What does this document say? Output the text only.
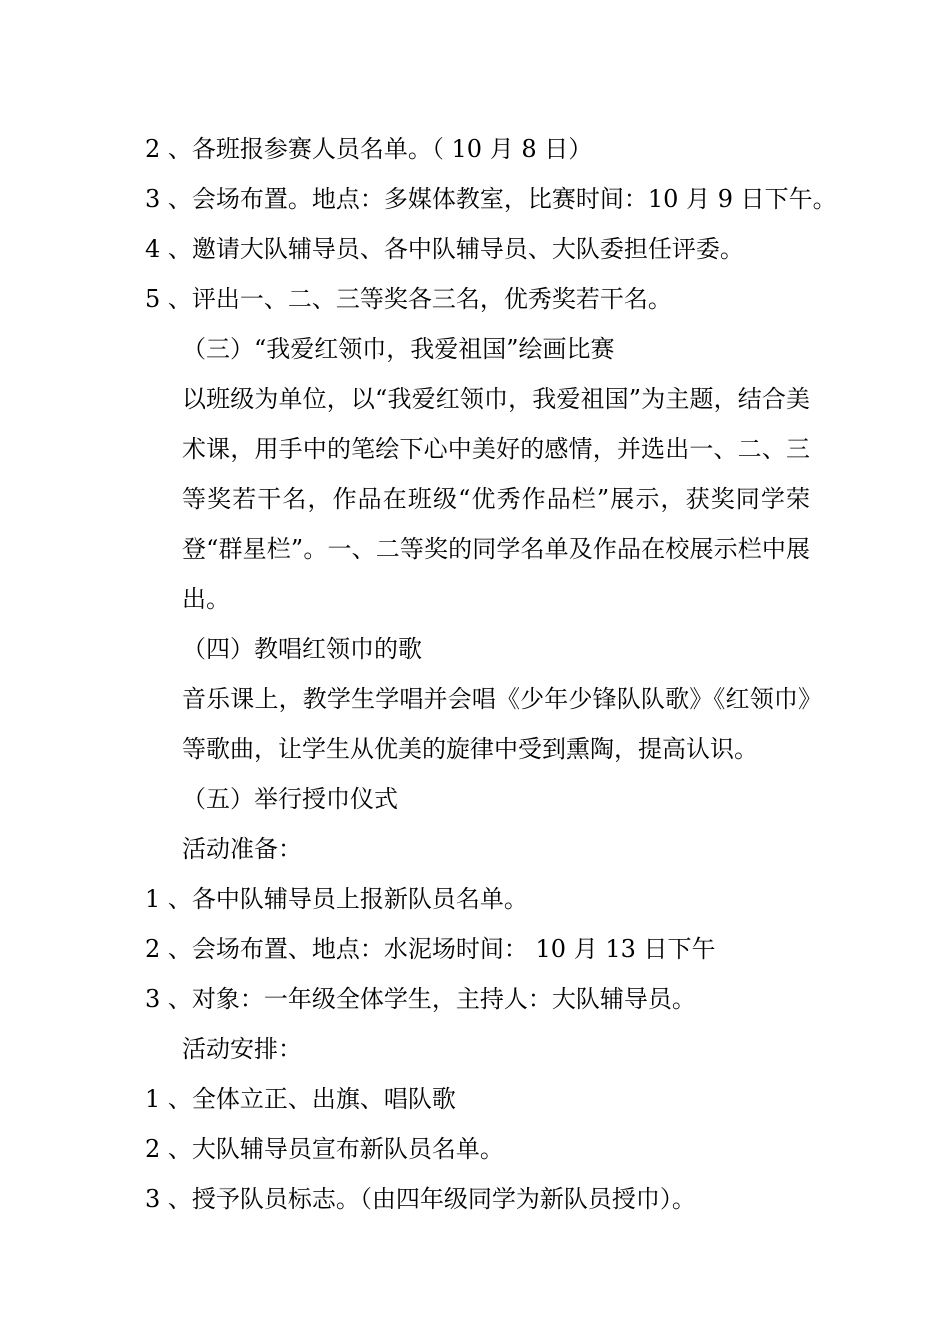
2 、各班报参赛人员名单。（ 10 月 8 日）

3 、会场布置。地点：多媒体教室，比赛时间：10 月 9 日下午。

4 、邀请大队辅导员、各中队辅导员、大队委担任评委。

5 、评出一、二、三等奖各三名，优秀奖若干名。

（三）“我爱红领巾，我爱祖国”绘画比赛

以班级为单位，以“我爱红领巾，我爱祖国”为主题，结合美术课，用手中的笔绘下心中美好的感情，并选出一、二、三等奖若干名，作品在班级“优秀作品栏”展示，获奖同学荣登“群星栏”。一、二等奖的同学名单及作品在校展示栏中展出。

（四）教唱红领巾的歌

音乐课上，教学生学唱并会唱《少年少锋队队歌》《红领巾》等歌曲，让学生从优美的旋律中受到熏陶，提高认识。

（五）举行授巾仪式

活动准备：

1 、各中队辅导员上报新队员名单。

2 、会场布置、地点：水泥场时间： 10 月 13 日下午

3 、对象：一年级全体学生，主持人：大队辅导员。

活动安排：

1 、全体立正、出旗、唱队歌

2 、大队辅导员宣布新队员名单。

3 、授予队员标志。（由四年级同学为新队员授巾）。
